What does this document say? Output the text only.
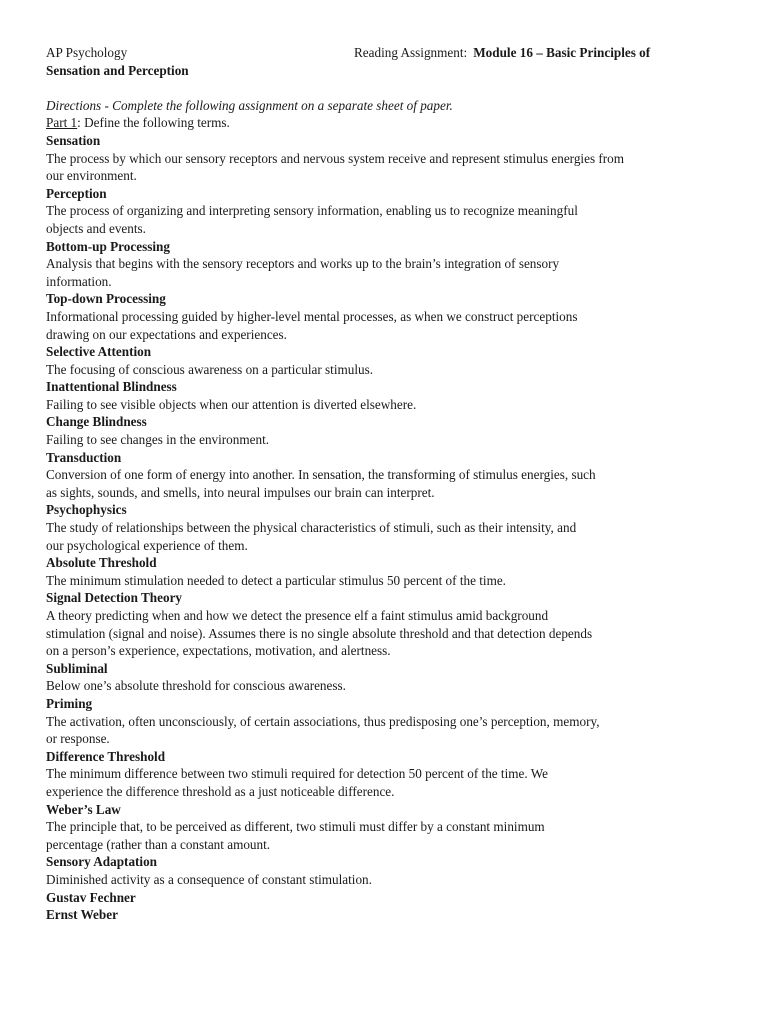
AP Psychology	Reading Assignment: Module 16 – Basic Principles of
Sensation and Perception
Directions - Complete the following assignment on a separate sheet of paper.
Part 1: Define the following terms.
Sensation
The process by which our sensory receptors and nervous system receive and represent stimulus energies from
our environment.
Perception
The process of organizing and interpreting sensory information, enabling us to recognize meaningful
objects and events.
Bottom-up Processing
Analysis that begins with the sensory receptors and works up to the brain’s integration of sensory
information.
Top-down Processing
Informational processing guided by higher-level mental processes, as when we construct perceptions
drawing on our expectations and experiences.
Selective Attention
The focusing of conscious awareness on a particular stimulus.
Inattentional Blindness
Failing to see visible objects when our attention is diverted elsewhere.
Change Blindness
Failing to see changes in the environment.
Transduction
Conversion of one form of energy into another. In sensation, the transforming of stimulus energies, such
as sights, sounds, and smells, into neural impulses our brain can interpret.
Psychophysics
The study of relationships between the physical characteristics of stimuli, such as their intensity, and
our psychological experience of them.
Absolute Threshold
The minimum stimulation needed to detect a particular stimulus 50 percent of the time.
Signal Detection Theory
A theory predicting when and how we detect the presence elf a faint stimulus amid background
stimulation (signal and noise). Assumes there is no single absolute threshold and that detection depends
on a person’s experience, expectations, motivation, and alertness.
Subliminal
Below one’s absolute threshold for conscious awareness.
Priming
The activation, often unconsciously, of certain associations, thus predisposing one’s perception, memory,
or response.
Difference Threshold
The minimum difference between two stimuli required for detection 50 percent of the time. We
experience the difference threshold as a just noticeable difference.
Weber’s Law
The principle that, to be perceived as different, two stimuli must differ by a constant minimum
percentage (rather than a constant amount.
Sensory Adaptation
Diminished activity as a consequence of constant stimulation.
Gustav Fechner
Ernst Weber
